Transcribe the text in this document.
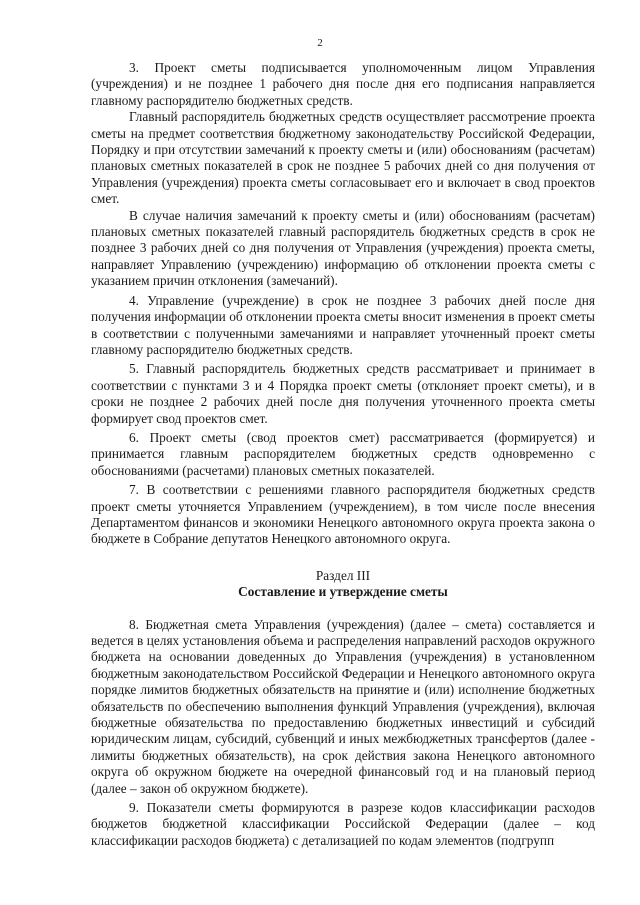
2

3. Проект сметы подписывается уполномоченным лицом Управления (учреждения) и не позднее 1 рабочего дня после дня его подписания направляется главному распорядителю бюджетных средств.

Главный распорядитель бюджетных средств осуществляет рассмотрение проекта сметы на предмет соответствия бюджетному законодательству Российской Федерации, Порядку и при отсутствии замечаний к проекту сметы и (или) обоснованиям (расчетам) плановых сметных показателей в срок не позднее 5 рабочих дней со дня получения от Управления (учреждения) проекта сметы согласовывает его и включает в свод проектов смет.

В случае наличия замечаний к проекту сметы и (или) обоснованиям (расчетам) плановых сметных показателей главный распорядитель бюджетных средств в срок не позднее 3 рабочих дней со дня получения от Управления (учреждения) проекта сметы, направляет Управлению (учреждению) информацию об отклонении проекта сметы с указанием причин отклонения (замечаний).

4. Управление (учреждение) в срок не позднее 3 рабочих дней после дня получения информации об отклонении проекта сметы вносит изменения в проект сметы в соответствии с полученными замечаниями и направляет уточненный проект сметы главному распорядителю бюджетных средств.

5. Главный распорядитель бюджетных средств рассматривает и принимает в соответствии с пунктами 3 и 4 Порядка проект сметы (отклоняет проект сметы), и в сроки не позднее 2 рабочих дней после дня получения уточненного проекта сметы формирует свод проектов смет.

6. Проект сметы (свод проектов смет) рассматривается (формируется) и принимается главным распорядителем бюджетных средств одновременно с обоснованиями (расчетами) плановых сметных показателей.

7. В соответствии с решениями главного распорядителя бюджетных средств проект сметы уточняется Управлением (учреждением), в том числе после внесения Департаментом финансов и экономики Ненецкого автономного округа проекта закона о бюджете в Собрание депутатов Ненецкого автономного округа.

Раздел III
Составление и утверждение сметы

8. Бюджетная смета Управления (учреждения) (далее – смета) составляется и ведется в целях установления объема и распределения направлений расходов окружного бюджета на основании доведенных до Управления (учреждения) в установленном бюджетным законодательством Российской Федерации и Ненецкого автономного округа порядке лимитов бюджетных обязательств на принятие и (или) исполнение бюджетных обязательств по обеспечению выполнения функций Управления (учреждения), включая бюджетные обязательства по предоставлению бюджетных инвестиций и субсидий юридическим лицам, субсидий, субвенций и иных межбюджетных трансфертов (далее - лимиты бюджетных обязательств), на срок действия закона Ненецкого автономного округа об окружном бюджете на очередной финансовый год и на плановый период (далее – закон об окружном бюджете).

9. Показатели сметы формируются в разрезе кодов классификации расходов бюджетов бюджетной классификации Российской Федерации (далее – код классификации расходов бюджета) с детализацией по кодам элементов (подгрупп
